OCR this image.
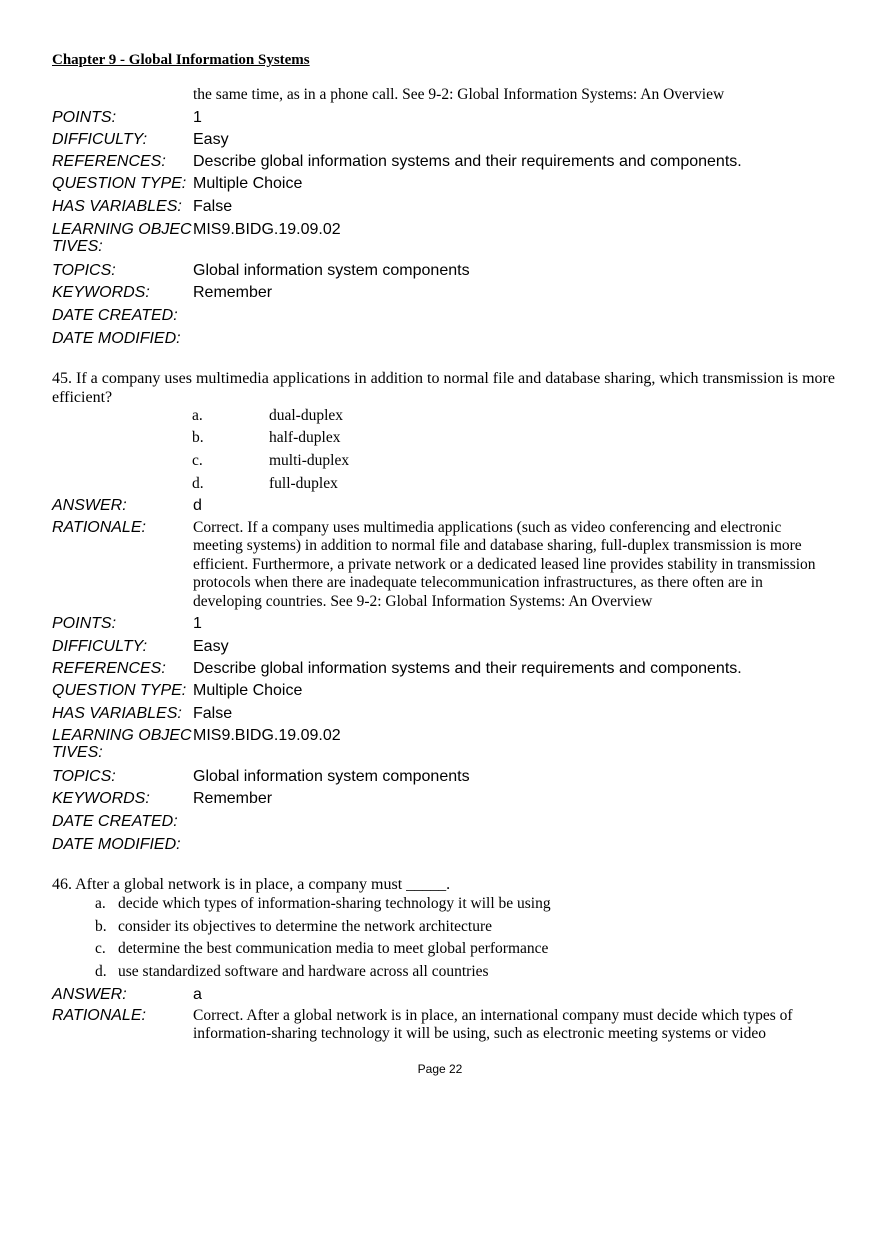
Chapter 9 - Global Information Systems
the same time, as in a phone call. See 9-2: Global Information Systems: An Overview
POINTS:	1
DIFFICULTY:	Easy
REFERENCES:	Describe global information systems and their requirements and components.
QUESTION TYPE: Multiple Choice
HAS VARIABLES: False
LEARNING OBJEC
TIVES:
MIS9.BIDG.19.09.02
TOPICS:	Global information system components
KEYWORDS:	Remember
DATE CREATED:
DATE MODIFIED:
45. If a company uses multimedia applications in addition to normal file and database sharing, which transmission is more efficient?
a.	dual-duplex
b.	half-duplex
c.	multi-duplex
d.	full-duplex
ANSWER:	d
RATIONALE:	Correct. If a company uses multimedia applications (such as video conferencing and electronic meeting systems) in addition to normal file and database sharing, full-duplex transmission is more efficient. Furthermore, a private network or a dedicated leased line provides stability in transmission protocols when there are inadequate telecommunication infrastructures, as there often are in developing countries. See 9-2: Global Information Systems: An Overview
POINTS:	1
DIFFICULTY:	Easy
REFERENCES:	Describe global information systems and their requirements and components.
QUESTION TYPE: Multiple Choice
HAS VARIABLES: False
LEARNING OBJEC
TIVES:
MIS9.BIDG.19.09.02
TOPICS:	Global information system components
KEYWORDS:	Remember
DATE CREATED:
DATE MODIFIED:
46. After a global network is in place, a company must _____.
a. decide which types of information-sharing technology it will be using
b. consider its objectives to determine the network architecture
c. determine the best communication media to meet global performance
d. use standardized software and hardware across all countries
ANSWER:	a
RATIONALE:	Correct. After a global network is in place, an international company must decide which types of information-sharing technology it will be using, such as electronic meeting systems or video
Page 22
